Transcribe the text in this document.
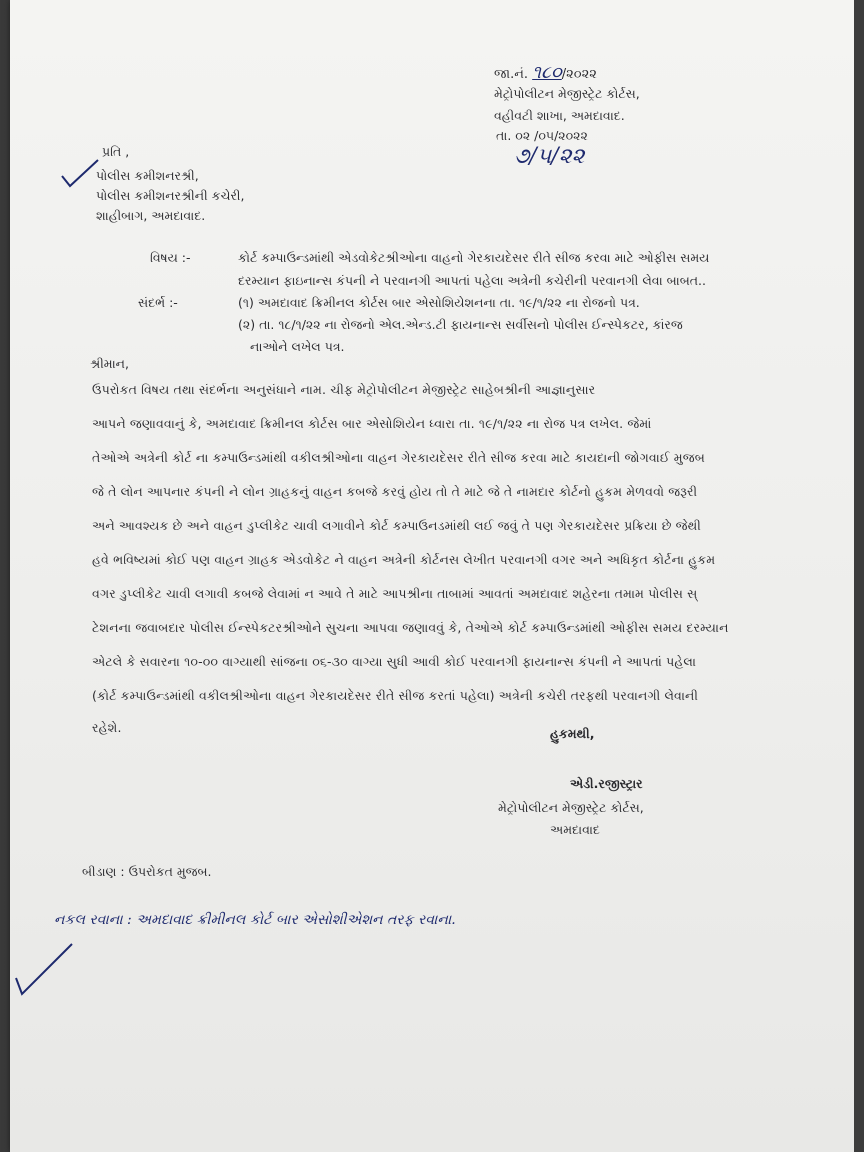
જા.નં. ૧૮૦/૨૦૨૨
મેટ્રોપોલીટન મેજીસ્ટ્રેટ કોર્ટસ,
વહીવટી શાખા, અમદાવાદ.
તા. ૦૨ /૦૫/૨૦૨૨
૭/૫/૨૨
પ્રતિ ,
પોલીસ કમીશનરશ્રી,
પોલીસ કમીશનરશ્રીની કચેરી,
શાહીબાગ, અમદાવાદ.
વિષય :-	કોર્ટ કમ્પાઉન્ડમાંથી એડવોકેટશ્રીઓના વાહનો ગેરકાયદેસર રીતે સીજ કરવા માટે ઓફીસ સમય
દરમ્યાન ફાઇનાન્સ કંપની ને પરવાનગી આપતાં પહેલા અત્રેની કચેરીની પરવાનગી લેવા બાબત..
સંદર્ભ :-	(૧) અમદાવાદ ક્રિમીનલ કોર્ટસ બાર એસોશિયેશનના તા. ૧૯/૧/૨૨ ના રોજનો પત્ર.
(૨) તા. ૧૮/૧/૨૨ ના રોજનો એલ.એન્ડ.ટી ફાયનાન્સ સર્વીસનો પોલીસ ઈન્સ્પેકટર, કાંરજ
નાઓને લખેલ પત્ર.
શ્રીમાન,
ઉપરોકત વિષય તથા સંદર્ભના અનુસંધાને નામ. ચીફ મેટ્રોપોલીટન મેજીસ્ટ્રેટ સાહેબશ્રીની આજ્ઞાનુસાર
આપને જણાવવાનું કે, અમદાવાદ ક્રિમીનલ કોર્ટસ બાર એસોશિયેન ધ્વારા તા. ૧૯/૧/૨૨ ના રોજ પત્ર લખેલ. જેમાં
તેઓએ અત્રેની કોર્ટ ના કમ્પાઉન્ડમાંથી વકીલશ્રીઓના વાહન ગેરકાયદેસર રીતે સીજ કરવા માટે કાયદાની જોગવાઈ મુજબ
જે તે લોન આપનાર કંપની ને લોન ગ્રાહકનું વાહન કબજે કરવું હોય તો તે માટે જે તે નામદાર કોર્ટનો હુકમ મેળવવો જરૂરી
અને આવશ્યક છે અને વાહન ડુપ્લીકેટ ચાવી લગાવીને કોર્ટ કમ્પાઉનડમાંથી લઈ જવું તે પણ ગેરકાયદેસર પ્રક્રિયા છે જેથી
હવે ભવિષ્યમાં કોઈ પણ વાહન ગ્રાહક એડવોકેટ ને વાહન અત્રેની કોર્ટનસ લેખીત પરવાનગી વગર અને અધિકૃત કોર્ટના હુકમ
વગર ડુપ્લીકેટ ચાવી લગાવી કબજે લેવામાં ન આવે તે માટે આપશ્રીના તાબામાં આવતાં અમદાવાદ શહેરના તમામ પોલીસ સ્
ટેશનના જવાબદાર પોલીસ ઈન્સ્પેકટરશ્રીઓને સુચના આપવા જણાવવું કે, તેઓએ કોર્ટ કમ્પાઉન્ડમાંથી ઓફીસ સમય દરમ્યાન
એટલે કે સવારના ૧૦-૦૦ વાગ્યાથી સાંજના ૦૬-૩૦ વાગ્યા સુધી આવી કોઈ પરવાનગી ફાયનાન્સ કંપની ને આપતાં પહેલા
(કોર્ટ કમ્પાઉન્ડમાંથી વકીલશ્રીઓના વાહન ગેરકાયદેસર રીતે સીજ કરતાં પહેલા) અત્રેની કચેરી તરફથી પરવાનગી લેવાની
રહેશે.	હુકમથી,
એડી.રજીસ્ટ્રાર
મેટ્રોપોલીટન મેજીસ્ટ્રેટ કોર્ટસ,
અમદાવાદ
બીડાણ : ઉપરોકત મુજબ.
નકલ રવાના : અમદાવાદ ક્રીમીનલ કોર્ટ બાર એસોશીએશન તરફ રવાના.
